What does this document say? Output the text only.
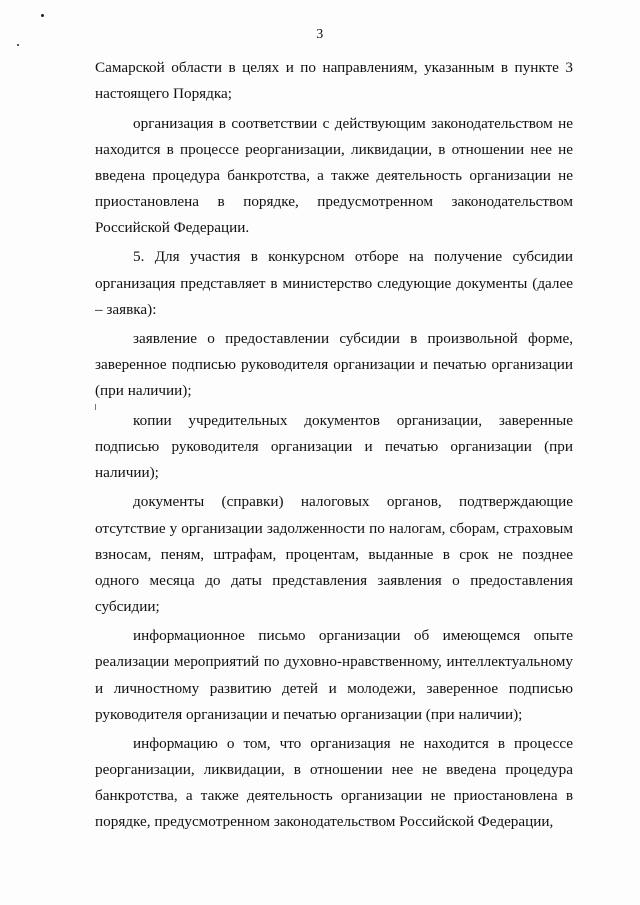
3

Самарской области в целях и по направлениям, указанным в пункте 3 настоящего Порядка;

организация в соответствии с действующим законодательством не находится в процессе реорганизации, ликвидации, в отношении нее не введена процедура банкротства, а также деятельность организации не приостановлена в порядке, предусмотренном законодательством Российской Федерации.

5. Для участия в конкурсном отборе на получение субсидии организация представляет в министерство следующие документы (далее – заявка):

заявление о предоставлении субсидии в произвольной форме, заверенное подписью руководителя организации и печатью организации (при наличии);

копии учредительных документов организации, заверенные подписью руководителя организации и печатью организации (при наличии);

документы (справки) налоговых органов, подтверждающие отсутствие у организации задолженности по налогам, сборам, страховым взносам, пеням, штрафам, процентам, выданные в срок не позднее одного месяца до даты представления заявления о предоставления субсидии;

информационное письмо организации об имеющемся опыте реализации мероприятий по духовно-нравственному, интеллектуальному и личностному развитию детей и молодежи, заверенное подписью руководителя организации и печатью организации (при наличии);

информацию о том, что организация не находится в процессе реорганизации, ликвидации, в отношении нее не введена процедура банкротства, а также деятельность организации не приостановлена в порядке, предусмотренном законодательством Российской Федерации,
